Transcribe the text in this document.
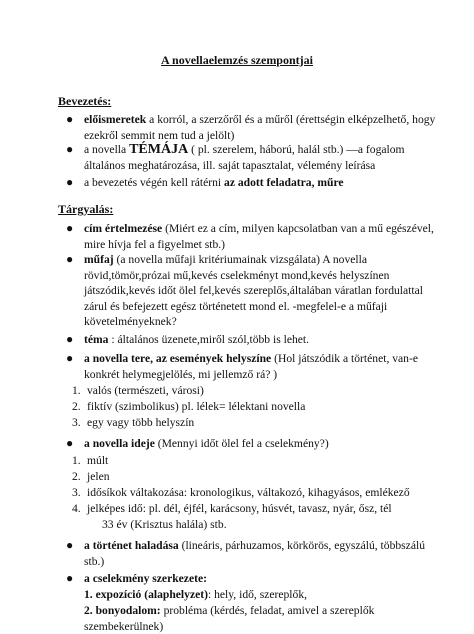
A novellaelemzés szempontjai
Bevezetés:
● előismeretek a korról, a szerzőről és a műről (érettségin elképzelhető, hogy ezekről semmit nem tud a jelölt)
● a novella TÉMÁJA ( pl. szerelem, háború, halál stb.) —a fogalom általános meghatározása, ill. saját tapasztalat, vélemény leírása
● a bevezetés végén kell rátérni az adott feladatra, műre
Tárgyalás:
● cím értelmezése (Miért ez a cím, milyen kapcsolatban van a mű egészével, mire hívja fel a figyelmet stb.)
● műfaj (a novella műfaji kritériumainak vizsgálata) A novella rövid,tömör,prózai mű,kevés cselekményt mond,kevés helyszínen játszódik,kevés időt ölel fel,kevés szereplős,általában váratlan fordulattal zárul és befejezett egész történetett mond el. -megfelel-e a műfaji követelményeknek?
● téma : általános üzenete,miről szól,több is lehet.
● a novella tere, az események helyszíne (Hol játszódik a történet, van-e konkrét helymegjelölés, mi jellemző rá? )
1. valós (természeti, városi)
2. fiktív (szimbolikus) pl. lélek= lélektani novella
3. egy vagy több helyszín
● a novella ideje (Mennyi időt ölel fel a cselekmény?)
1. múlt
2. jelen
3. idősíkok váltakozása: kronologikus, váltakozó, kihagyásos, emlékező
4. jelképes idő: pl. dél, éjfél, karácsony, húsvét, tavasz, nyár, ősz, tél
33 év (Krisztus halála) stb.
● a történet haladása (lineáris, párhuzamos, körkörös, egyszálú, többszálú stb.)
● a cselekmény szerkezete:
1. expozíció (alaphelyzet): hely, idő, szereplők,
2. bonyodalom: probléma (kérdés, feladat, amivel a szereplők szembekerülnek)
